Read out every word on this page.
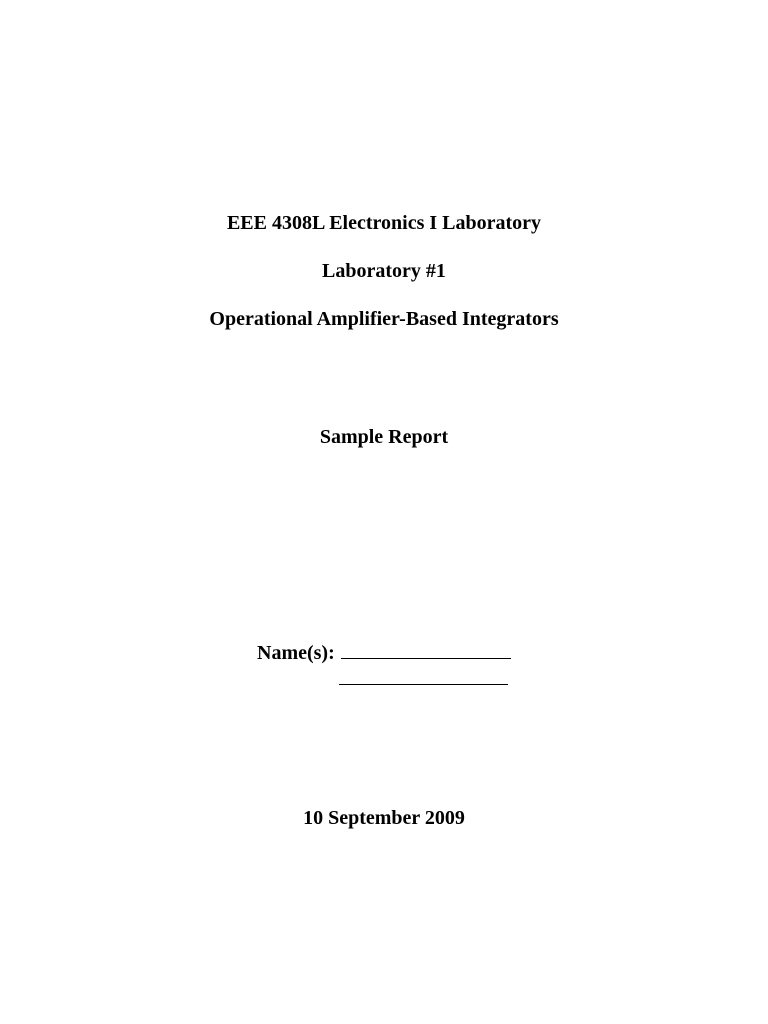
EEE 4308L Electronics I Laboratory
Laboratory #1
Operational Amplifier-Based Integrators
Sample Report
Name(s):
10 September 2009
